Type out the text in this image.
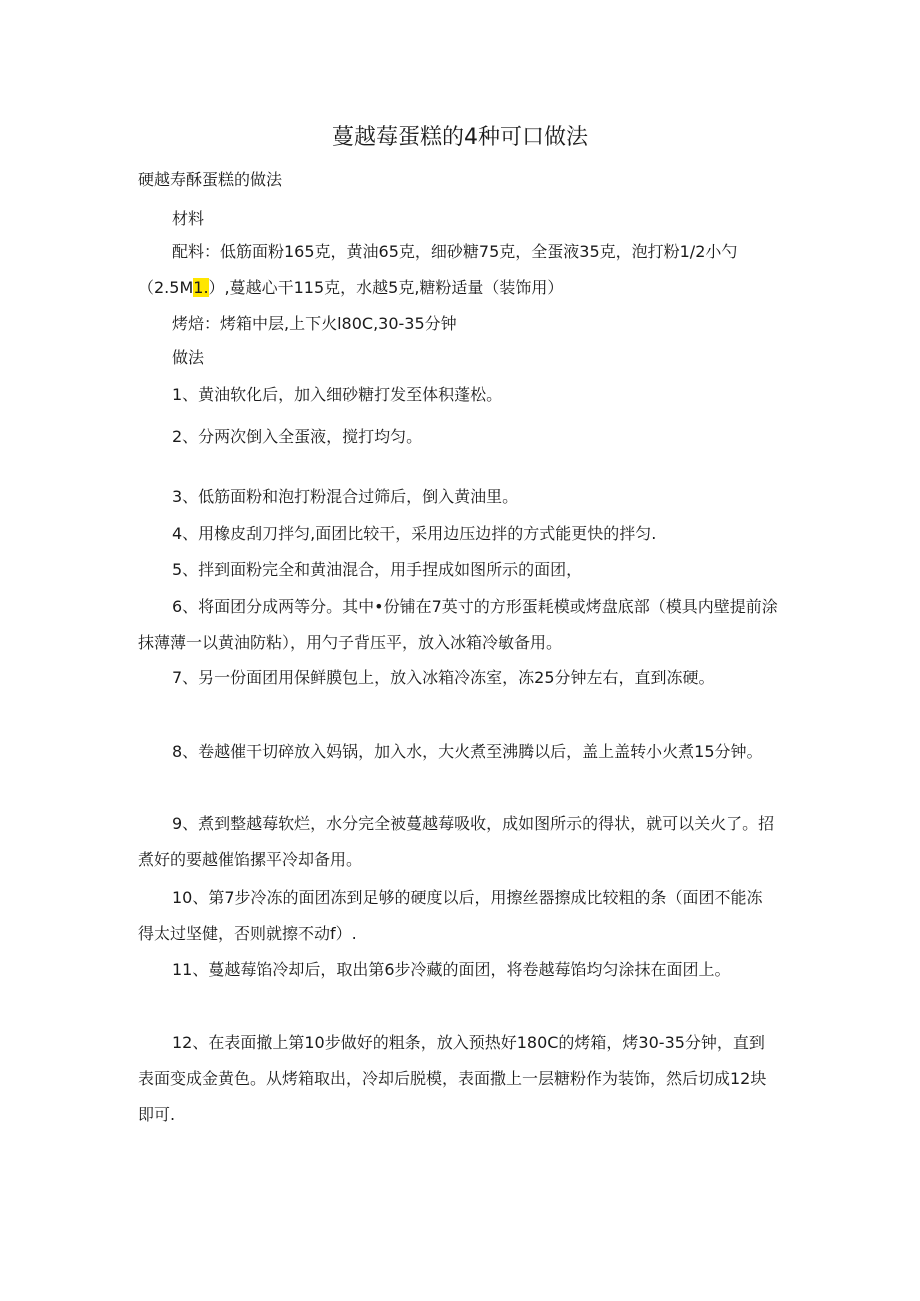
蔓越莓蛋糕的4种可口做法

硬越寿酥蛋糕的做法

材料

配料：低筋面粉165克，黄油65克，细砂糖75克，全蛋液35克，泡打粉1/2小勺（2.5M1.）,蔓越心干115克，水越5克,糖粉适量（装饰用）

烤焙：烤箱中层,上下火l80C,30-35分钟

做法

1、黄油软化后，加入细砂糖打发至体积蓬松。

2、分两次倒入全蛋液，搅打均匀。

3、低筋面粉和泡打粉混合过筛后，倒入黄油里。

4、用橡皮刮刀拌匀,面团比较干，采用边压边拌的方式能更快的拌匀.

5、拌到面粉完全和黄油混合，用手捏成如图所示的面团，

6、将面团分成两等分。其中•份铺在7英寸的方形蛋耗模或烤盘底部（模具内壁提前涂抹薄薄一以黄油防粘），用勺子背压平，放入冰箱冷敏备用。

7、另一份面团用保鲜膜包上，放入冰箱冷冻室，冻25分钟左右，直到冻硬。

8、卷越催干切碎放入妈锅，加入水，大火煮至沸腾以后，盖上盖转小火煮15分钟。

9、煮到整越莓软烂，水分完全被蔓越莓吸收，成如图所示的得状，就可以关火了。招煮好的要越催馅摞平冷却备用。

10、第7步冷冻的面团冻到足够的硬度以后，用擦丝器擦成比较粗的条（面团不能冻得太过坚健，否则就擦不动f）.

11、蔓越莓馅冷却后，取出第6步冷藏的面团，将卷越莓馅均匀涂抹在面团上。

12、在表面撤上第10步做好的粗条，放入预热好180C的烤箱，烤30-35分钟，直到表面变成金黄色。从烤箱取出，冷却后脱模，表面撒上一层糖粉作为装饰，然后切成12块即可.
